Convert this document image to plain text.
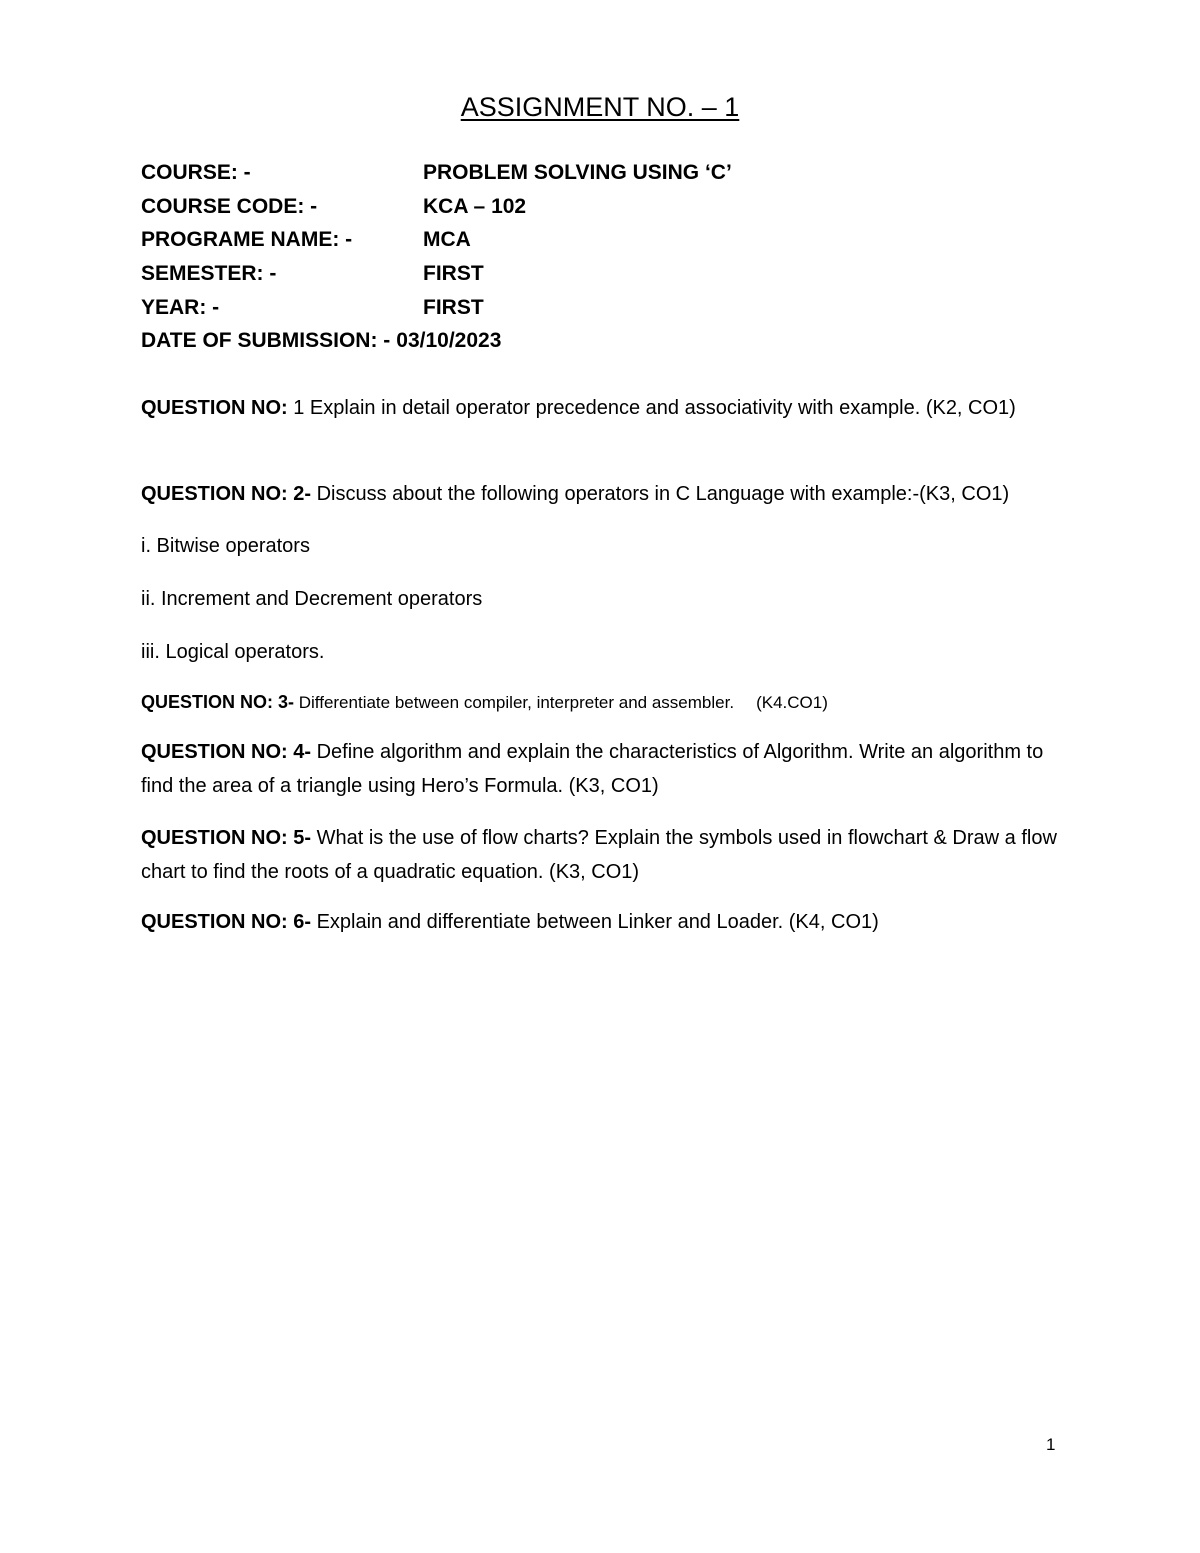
ASSIGNMENT NO. – 1
COURSE: -	PROBLEM SOLVING USING ‘C’
COURSE CODE: -	KCA – 102
PROGRAME NAME: -	MCA
SEMESTER: -	FIRST
YEAR: -	FIRST
DATE OF SUBMISSION: - 03/10/2023

QUESTION NO: 1 Explain in detail operator precedence and associativity with example. (K2, CO1)

QUESTION NO: 2- Discuss about the following operators in C Language with example:-(K3, CO1)

i. Bitwise operators

ii. Increment and Decrement operators

iii. Logical operators.

QUESTION NO: 3- Differentiate between compiler, interpreter and assembler. (K4.CO1)

QUESTION NO: 4- Define algorithm and explain the characteristics of Algorithm. Write an algorithm to find the area of a triangle using Hero’s Formula. (K3, CO1)

QUESTION NO: 5- What is the use of flow charts? Explain the symbols used in flowchart & Draw a flow chart to find the roots of a quadratic equation. (K3, CO1)

QUESTION NO: 6- Explain and differentiate between Linker and Loader. (K4, CO1)

1
